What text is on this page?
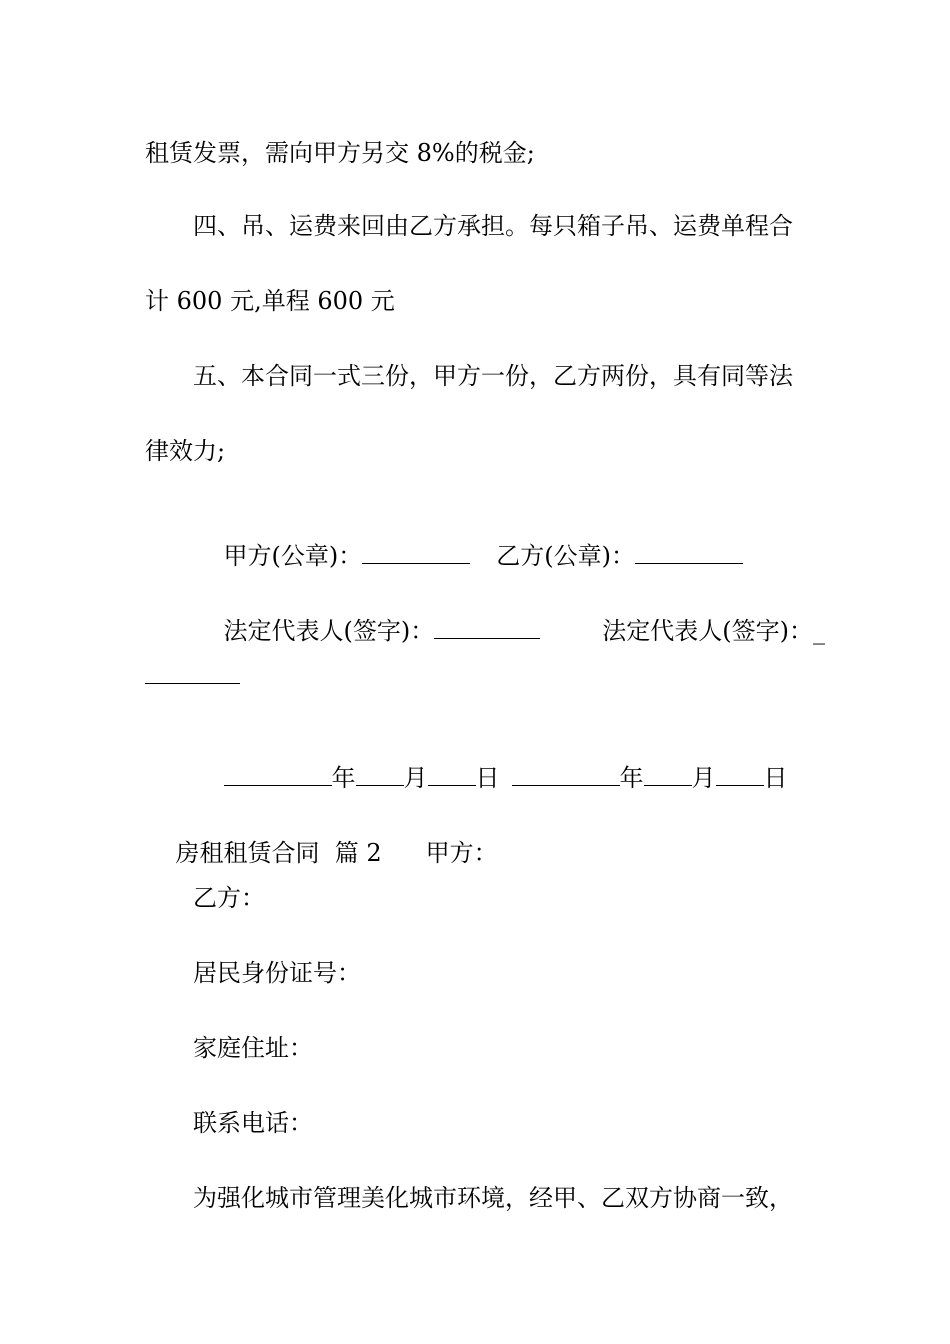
租赁发票，需向甲方另交 8%的税金;
四、吊、运费来回由乙方承担。每只箱子吊、运费单程合
计 600 元,单程 600 元
五、本合同一式三份，甲方一份，乙方两份，具有同等法
律效力;

甲方(公章)：	乙方(公章)：

法定代表人(签字)：	法定代表人(签字)：_

年 月 日	年 月 日

房租租赁合同  篇 2 甲方：

乙方：
居民身份证号：
家庭住址：
联系电话：
为强化城市管理美化城市环境，经甲、乙双方协商一致，
